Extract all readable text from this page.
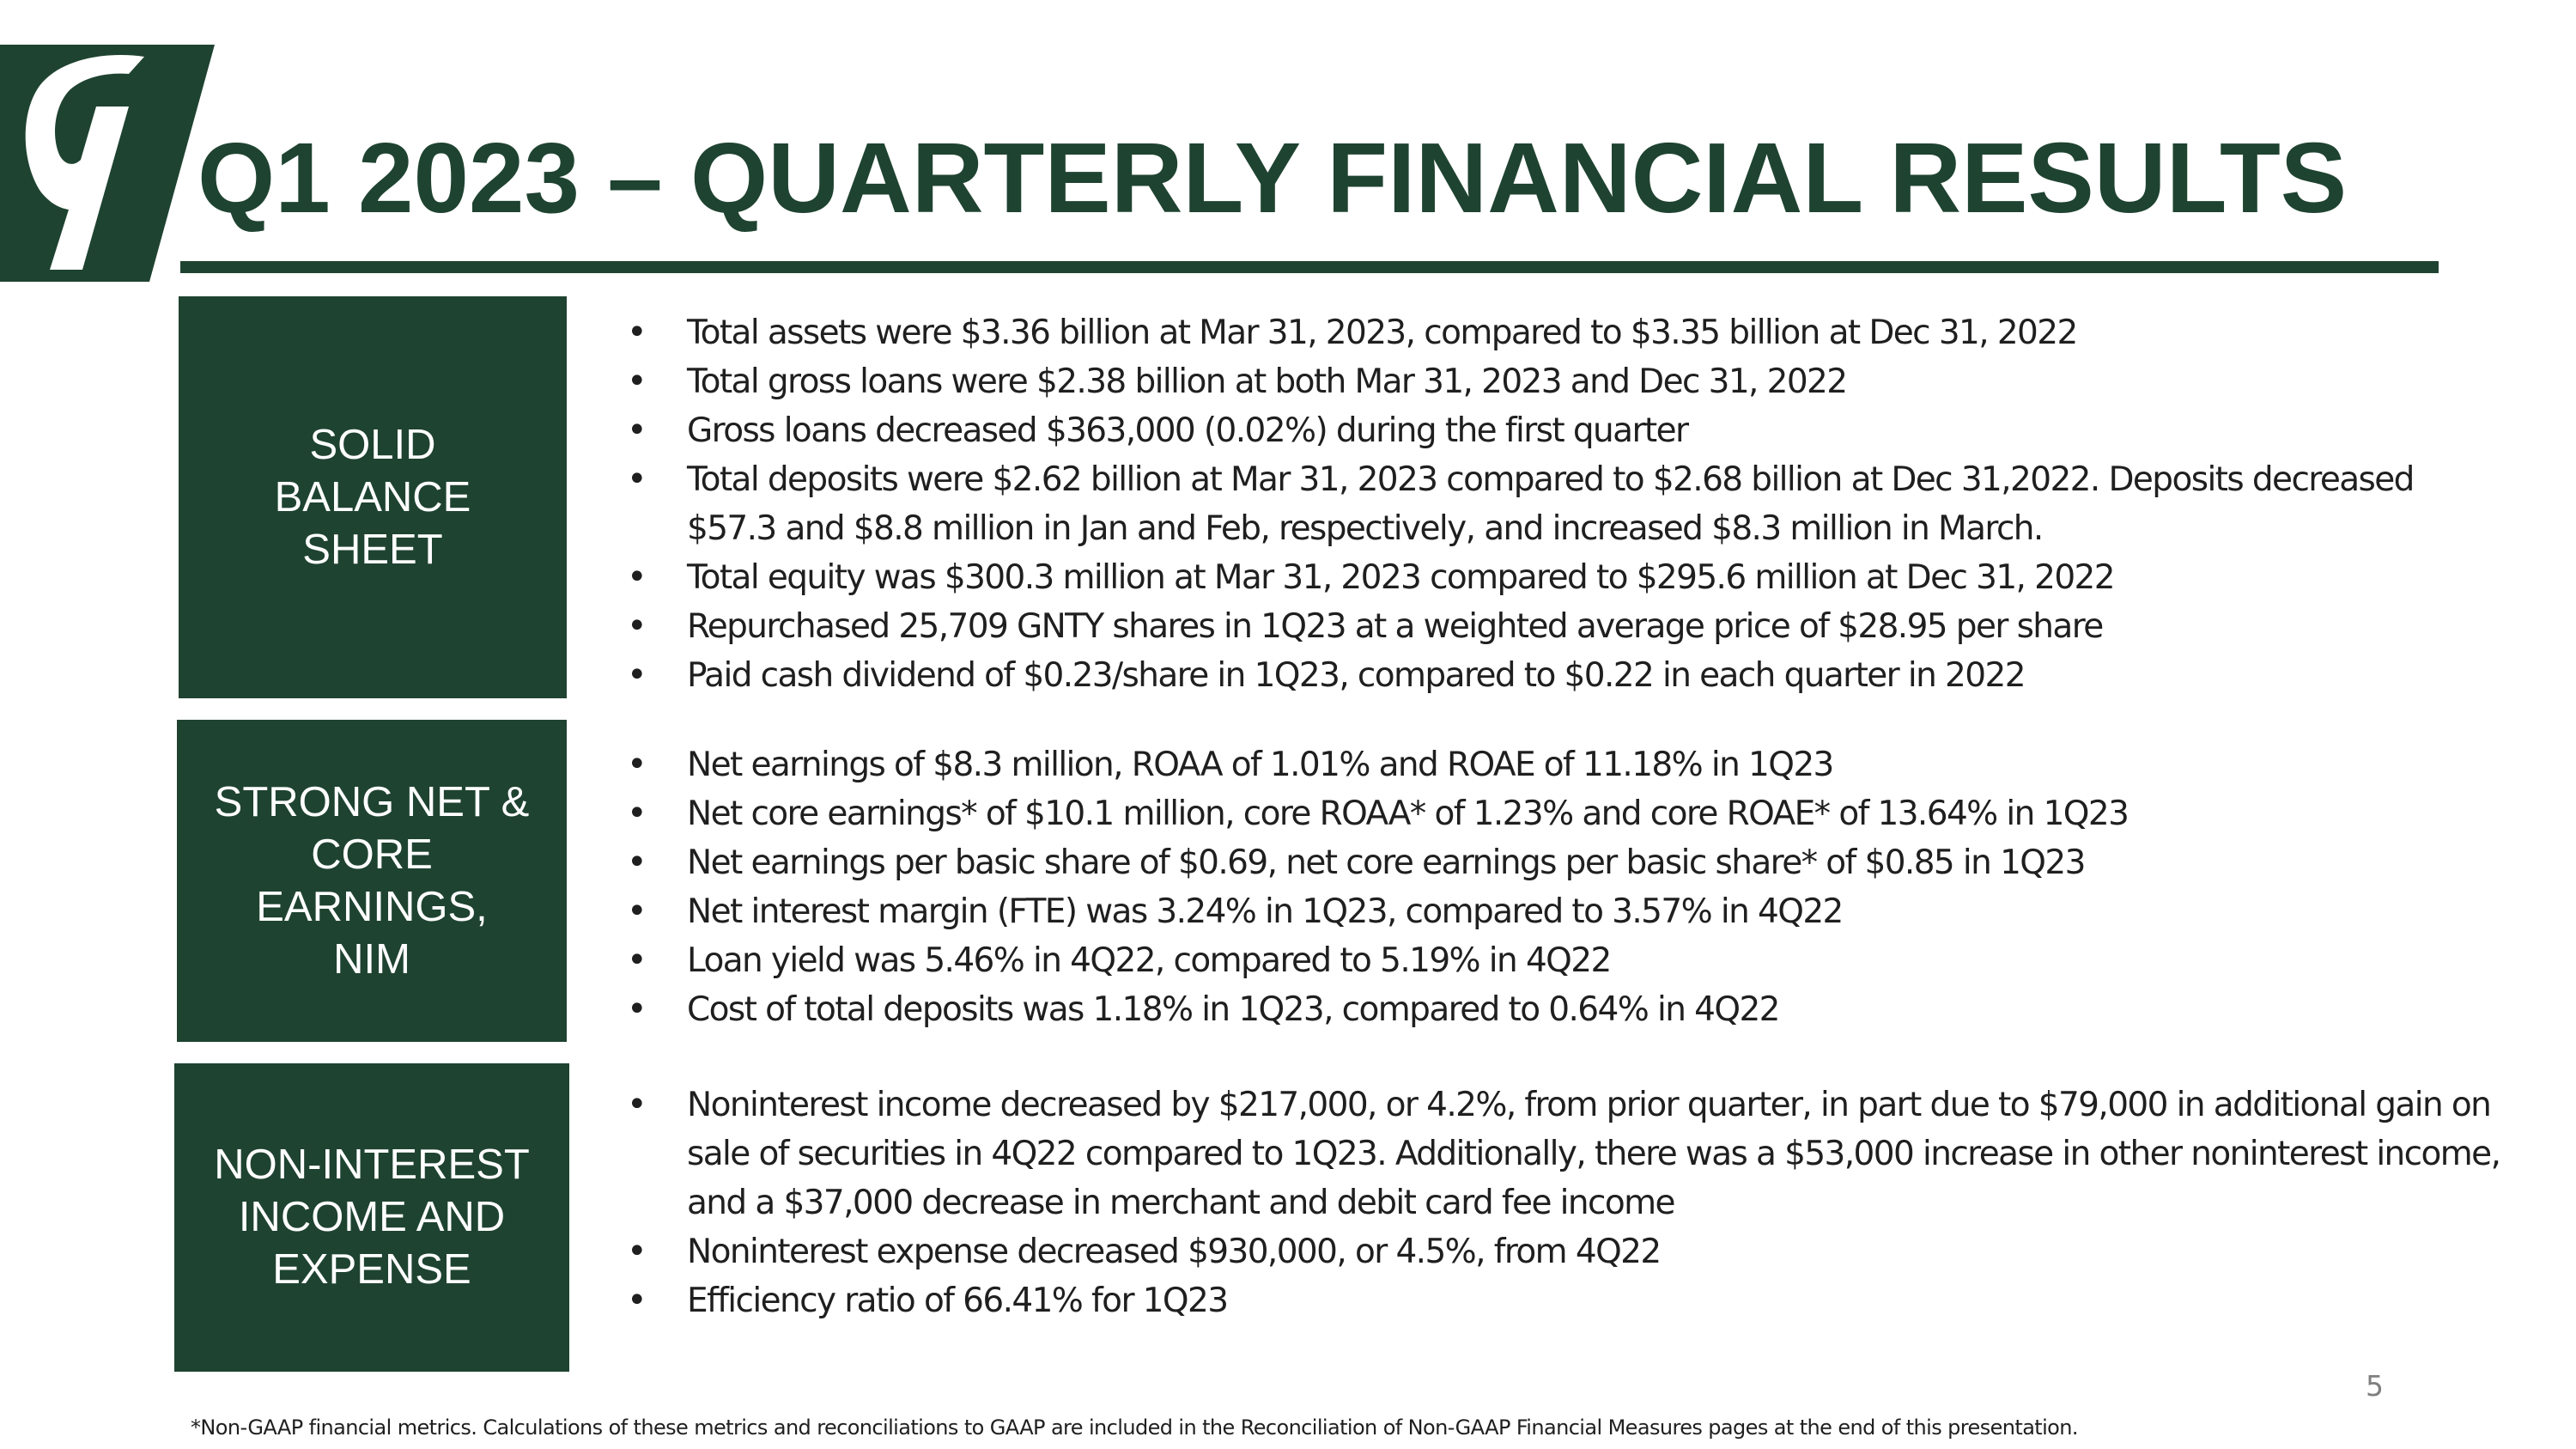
Q1 2023 – QUARTERLY FINANCIAL RESULTS
SOLID
BALANCE
SHEET
• Total assets were $3.36 billion at Mar 31, 2023, compared to $3.35 billion at Dec 31, 2022
• Total gross loans were $2.38 billion at both Mar 31, 2023 and Dec 31, 2022
• Gross loans decreased $363,000 (0.02%) during the first quarter
• Total deposits were $2.62 billion at Mar 31, 2023 compared to $2.68 billion at Dec 31,2022. Deposits decreased $57.3 and $8.8 million in Jan and Feb, respectively, and increased $8.3 million in March.
• Total equity was $300.3 million at Mar 31, 2023 compared to $295.6 million at Dec 31, 2022
• Repurchased 25,709 GNTY shares in 1Q23 at a weighted average price of $28.95 per share
• Paid cash dividend of $0.23/share in 1Q23, compared to $0.22 in each quarter in 2022
STRONG NET &
CORE
EARNINGS,
NIM
• Net earnings of $8.3 million, ROAA of 1.01% and ROAE of 11.18% in 1Q23
• Net core earnings* of $10.1 million, core ROAA* of 1.23% and core ROAE* of 13.64% in 1Q23
• Net earnings per basic share of $0.69, net core earnings per basic share* of $0.85 in 1Q23
• Net interest margin (FTE) was 3.24% in 1Q23, compared to 3.57% in 4Q22
• Loan yield was 5.46% in 4Q22, compared to 5.19% in 4Q22
• Cost of total deposits was 1.18% in 1Q23, compared to 0.64% in 4Q22
NON-INTEREST
INCOME AND
EXPENSE
• Noninterest income decreased by $217,000, or 4.2%, from prior quarter, in part due to $79,000 in additional gain on sale of securities in 4Q22 compared to 1Q23. Additionally, there was a $53,000 increase in other noninterest income, and a $37,000 decrease in merchant and debit card fee income
• Noninterest expense decreased $930,000, or 4.5%, from 4Q22
• Efficiency ratio of 66.41% for 1Q23
5
*Non-GAAP financial metrics. Calculations of these metrics and reconciliations to GAAP are included in the Reconciliation of Non-GAAP Financial Measures pages at the end of this presentation.
